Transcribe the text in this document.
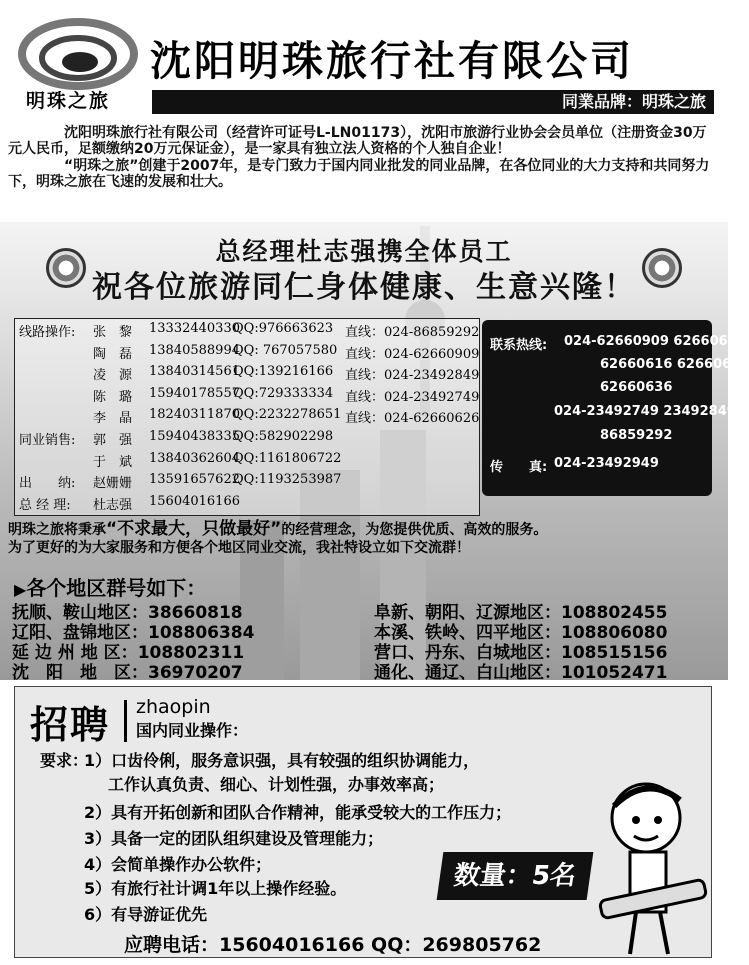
明珠之旅
沈阳明珠旅行社有限公司
同業品牌：明珠之旅

沈阳明珠旅行社有限公司（经营许可证号L-LN01173），沈阳市旅游行业协会会员单位（注册资金30万元人民币，足额缴纳20万元保证金），是一家具有独立法人资格的个人独自企业！

“明珠之旅”创建于2007年，是专门致力于国内同业批发的同业品牌，在各位同业的大力支持和共同努力下，明珠之旅在飞速的发展和壮大。

总经理杜志强携全体员工
祝各位旅游同仁身体健康、生意兴隆！
线路操作: 张　黎 13332440330
QQ:976663623 直线：024-86859292
陶　磊 13840588994
QQ: 767057580 直线：024-62660909
凌　源 13840314561
QQ:139216166 直线：024-23492849
陈　璐 15940178557
QQ:729333334 直线：024-23492749
李　晶 18240311870
QQ:2232278651 直线：024-62660626
同业销售: 郭　强 15940438335
QQ:582902298
于　斌 13840362604
QQ:1161806722
出　　纳: 赵姗姗 13591657622
QQ:1193253987
总 经 理: 杜志强 15604016166
联系热线: 024-62660909 62660606
62660616 62660626
62660636
024-23492749 23492849
86859292
传　　真: 024-23492949
明珠之旅将秉承“不求最大，只做最好”的经营理念，为您提供优质、高效的服务。
为了更好的为大家服务和方便各个地区同业交流，我社特设立如下交流群！
▶各个地区群号如下：
抚顺、鞍山地区：38660818
辽阳、盘锦地区：108806384
延 边 州 地 区：108802311
沈　阳　地　区：36970207
阜新、朝阳、辽源地区：108802455
本溪、铁岭、四平地区：108806080
营口、丹东、白城地区：108515156
通化、通辽、白山地区：101052471
招聘 zhaopin
国内同业操作：
要求：
1）口齿伶俐，服务意识强，具有较强的组织协调能力，
工作认真负责、细心、计划性强，办事效率高；
2）具有开拓创新和团队合作精神，能承受较大的工作压力；
3）具备一定的团队组织建设及管理能力；
4）会简单操作办公软件；
5）有旅行社计调1年以上操作经验。
6）有导游证优先
数量：5名
应聘电话：15604016166 QQ：269805762
